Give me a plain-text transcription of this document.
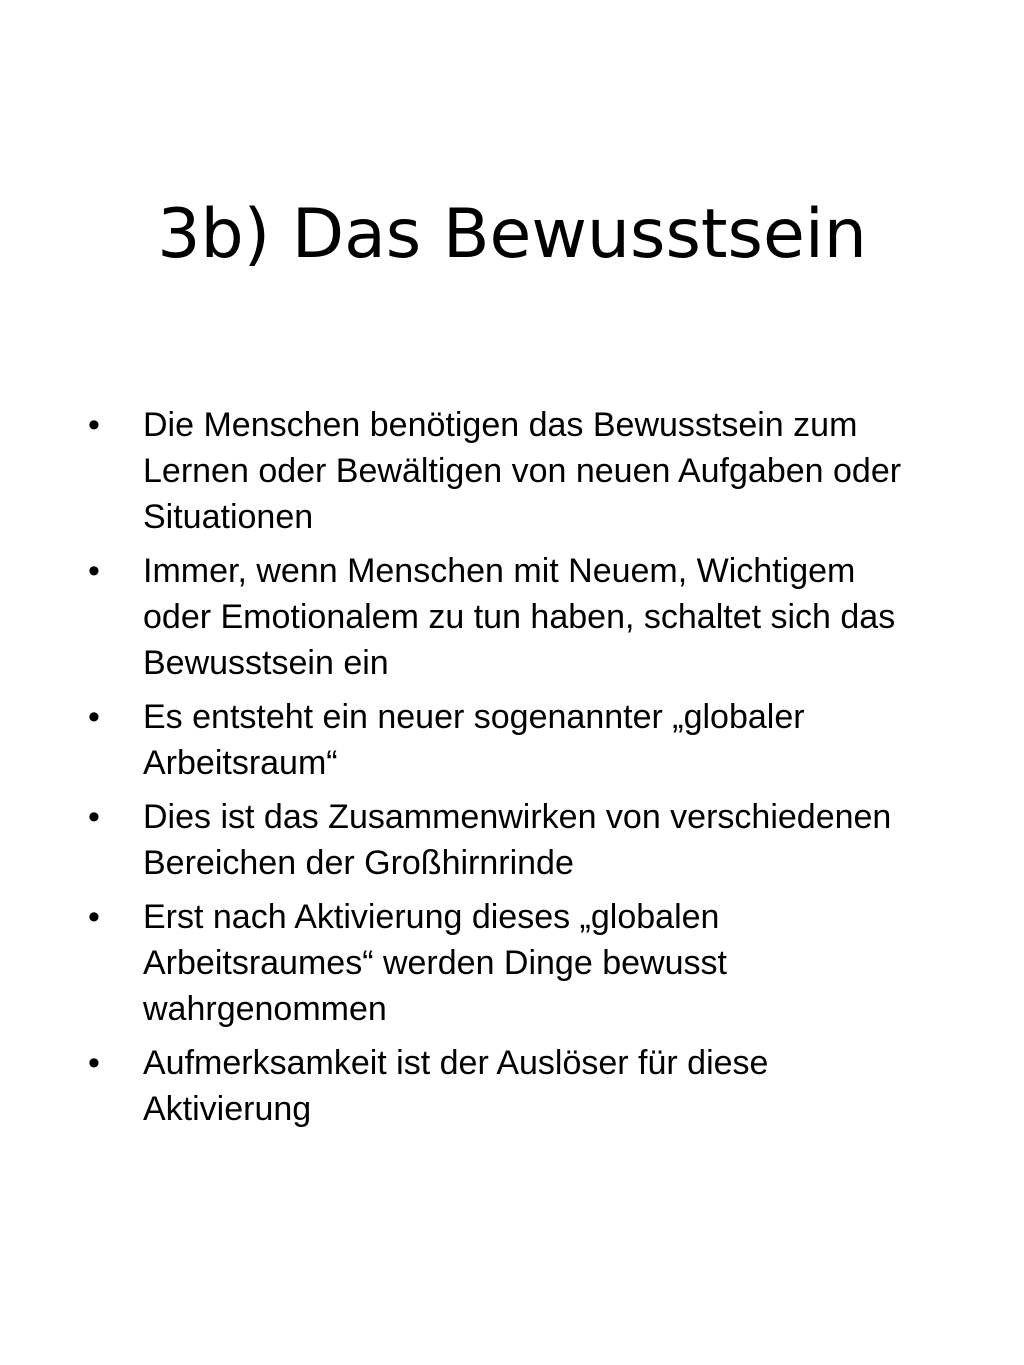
3b) Das Bewusstsein
•	Die Menschen benötigen das Bewusstsein zum Lernen oder Bewältigen von neuen Aufgaben oder Situationen
•	Immer, wenn Menschen mit Neuem, Wichtigem oder Emotionalem zu tun haben, schaltet sich das Bewusstsein ein
•	Es entsteht ein neuer sogenannter „globaler Arbeitsraum“
•	Dies ist das Zusammenwirken von verschiedenen Bereichen der Großhirnrinde
•	Erst nach Aktivierung dieses „globalen Arbeitsraumes“ werden Dinge bewusst wahrgenommen
•	Aufmerksamkeit ist der Auslöser für diese Aktivierung
